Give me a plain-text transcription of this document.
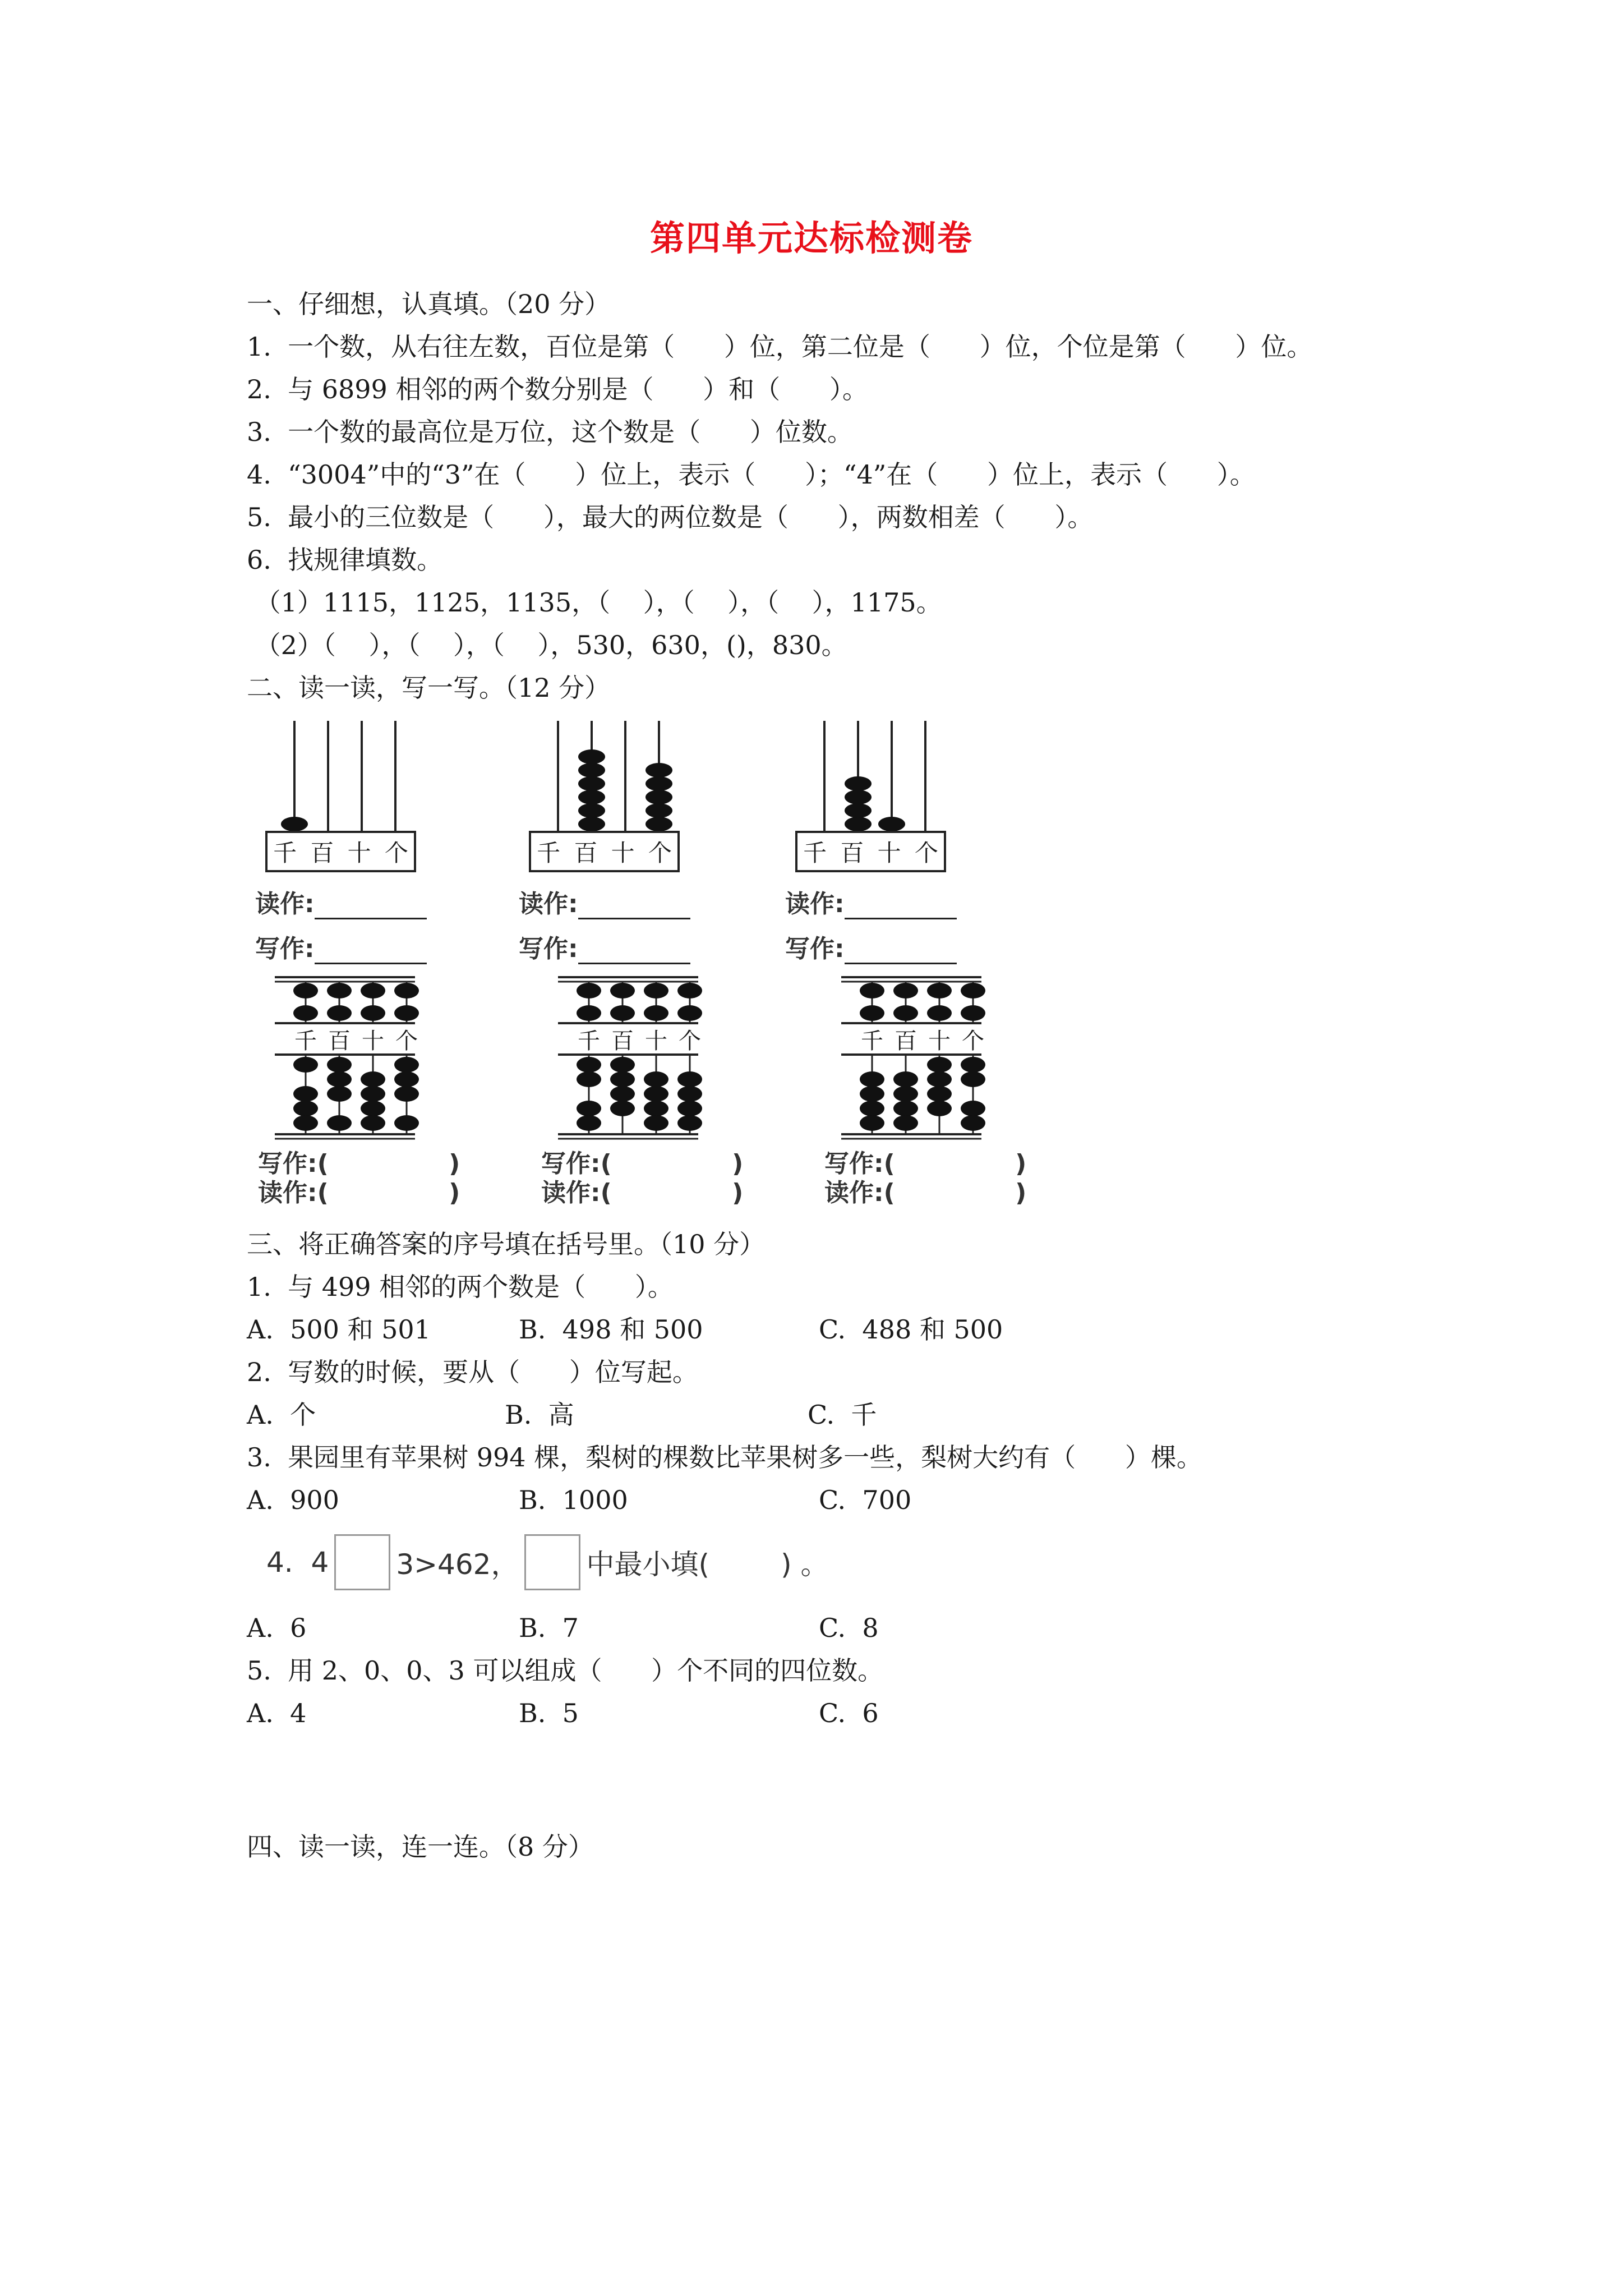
第四单元达标检测卷
一、仔细想，认真填。（20 分）
1.  一个数，从右往左数，百位是第（      ）位，第二位是（      ）位，个位是第（      ）位。
2.  与 6899 相邻的两个数分别是（      ）和（      ）。
3.  一个数的最高位是万位，这个数是（      ）位数。
4.  “3004”中的“3”在（      ）位上，表示（      ）；“4”在（      ）位上，表示（      ）。
5.  最小的三位数是（      ），最大的两位数是（      ），两数相差（      ）。
6.  找规律填数。
（1）1115，1125，1135，（    ），（    ），（    ），1175。
（2）（    ），（    ），（    ），530，630，()，830。
二、读一读，写一写。（12 分）
千 百 十 个
读作:
写作:
千 百 十 个
读作:
写作:
千 百 十 个
读作:
写作:
千 百 十 个
写作:(              )
读作:(              )
千 百 十 个
写作:(              )
读作:(              )
千 百 十 个
写作:(              )
读作:(              )
三、将正确答案的序号填在括号里。（10 分）
1.  与 499 相邻的两个数是（      ）。
A.  500 和 501	B.  498 和 500	C.  488 和 500
2.  写数的时候，要从（      ）位写起。
A.  个	B.  高	C.  千
3.  果园里有苹果树 994 棵，梨树的棵数比苹果树多一些，梨树大约有（      ）棵。
A.  900	B.  1000	C.  700
4.  4 3>462， 中最小填(        ) 。
A.  6	B.  7	C.  8
5.  用 2、0、0、3 可以组成（      ）个不同的四位数。
A.  4	B.  5	C.  6
四、读一读，连一连。（8 分）
